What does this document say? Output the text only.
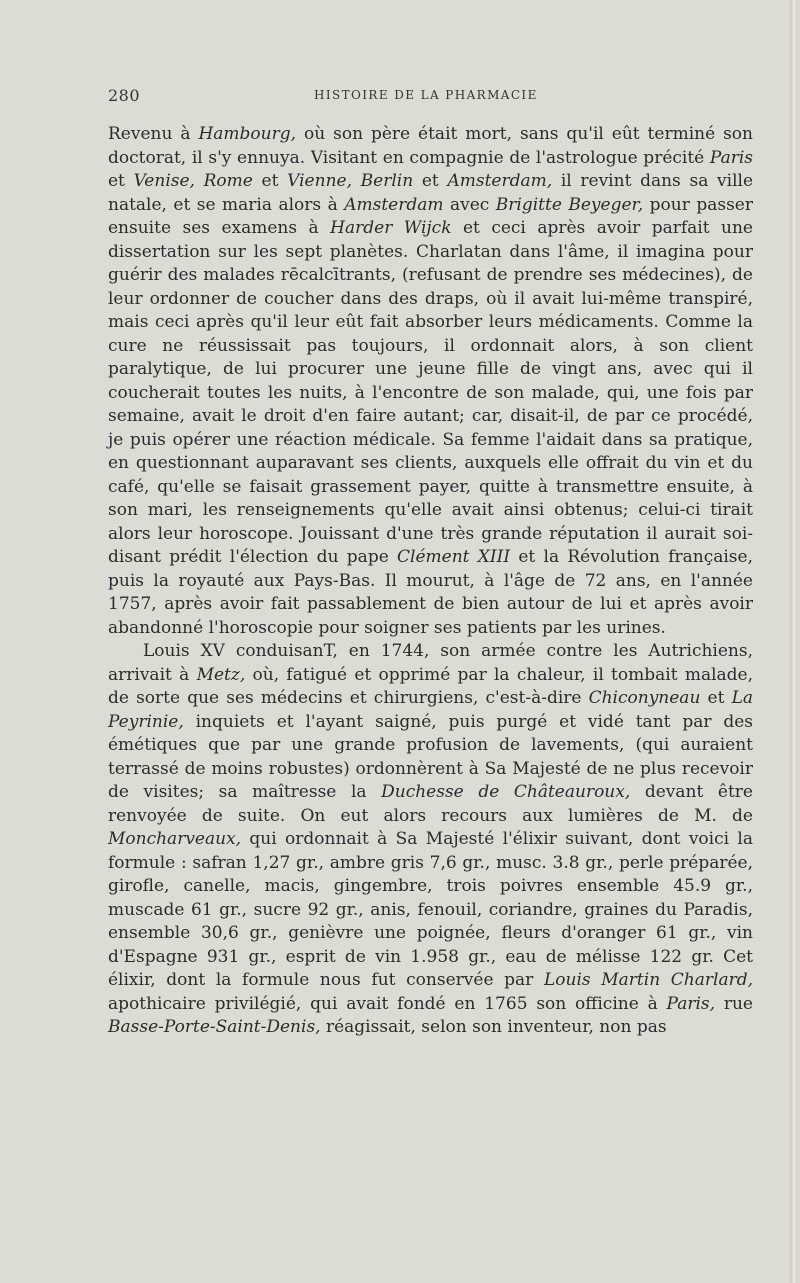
280	HISTOIRE DE LA PHARMACIE

Revenu à Hambourg, où son père était mort, sans qu'il eût terminé son doctorat, il s'y ennuya. Visitant en compagnie de l'astrologue précité Paris et Venise, Rome et Vienne, Berlin et Amsterdam, il revint dans sa ville natale, et se maria alors à Amsterdam avec Brigitte Beyeger, pour passer ensuite ses examens à Harder Wijck et ceci après avoir parfait une dissertation sur les sept planètes. Charlatan dans l'âme, il imagina pour guérir des malades rēcalcītrants, (refusant de prendre ses médecines), de leur ordonner de coucher dans des draps, où il avait lui-même transpiré, mais ceci après qu'il leur eût fait absorber leurs médicaments. Comme la cure ne réussissait pas toujours, il ordonnait alors, à son client paralytique, de lui procurer une jeune fille de vingt ans, avec qui il coucherait toutes les nuits, à l'encontre de son malade, qui, une fois par semaine, avait le droit d'en faire autant; car, disait-il, de par ce procédé, je puis opérer une réaction médicale. Sa femme l'aidait dans sa pratique, en questionnant auparavant ses clients, auxquels elle offrait du vin et du café, qu'elle se faisait grassement payer, quitte à transmettre ensuite, à son mari, les renseignements qu'elle avait ainsi obtenus; celui-ci tirait alors leur horoscope. Jouissant d'une très grande réputation il aurait soi-disant prédit l'élection du pape Clément XIII et la Révolution française, puis la royauté aux Pays-Bas. Il mourut, à l'âge de 72 ans, en l'année 1757, après avoir fait passablement de bien autour de lui et après avoir abandonné l'horoscopie pour soigner ses patients par les urines.

Louis XV conduisanT, en 1744, son armée contre les Autrichiens, arrivait à Metz, où, fatigué et opprimé par la chaleur, il tombait malade, de sorte que ses médecins et chirurgiens, c'est-à-dire Chiconyneau et La Peyrinie, inquiets et l'ayant saigné, puis purgé et vidé tant par des émétiques que par une grande profusion de lavements, (qui auraient terrassé de moins robustes) ordonnèrent à Sa Majesté de ne plus recevoir de visites; sa maîtresse la Duchesse de Châteauroux, devant être renvoyée de suite. On eut alors recours aux lumières de M. de Moncharveaux, qui ordonnait à Sa Majesté l'élixir suivant, dont voici la formule : safran 1,27 gr., ambre gris 7,6 gr., musc. 3.8 gr., perle préparée, girofle, canelle, macis, gingembre, trois poivres ensemble 45.9 gr., muscade 61 gr., sucre 92 gr., anis, fenouil, coriandre, graines du Paradis, ensemble 30,6 gr., genièvre une poignée, fleurs d'oranger 61 gr., vin d'Espagne 931 gr., esprit de vin 1.958 gr., eau de mélisse 122 gr. Cet élixir, dont la formule nous fut conservée par Louis Martin Charlard, apothicaire privilégié, qui avait fondé en 1765 son officine à Paris, rue Basse-Porte-Saint-Denis, réagissait, selon son inventeur, non pas
